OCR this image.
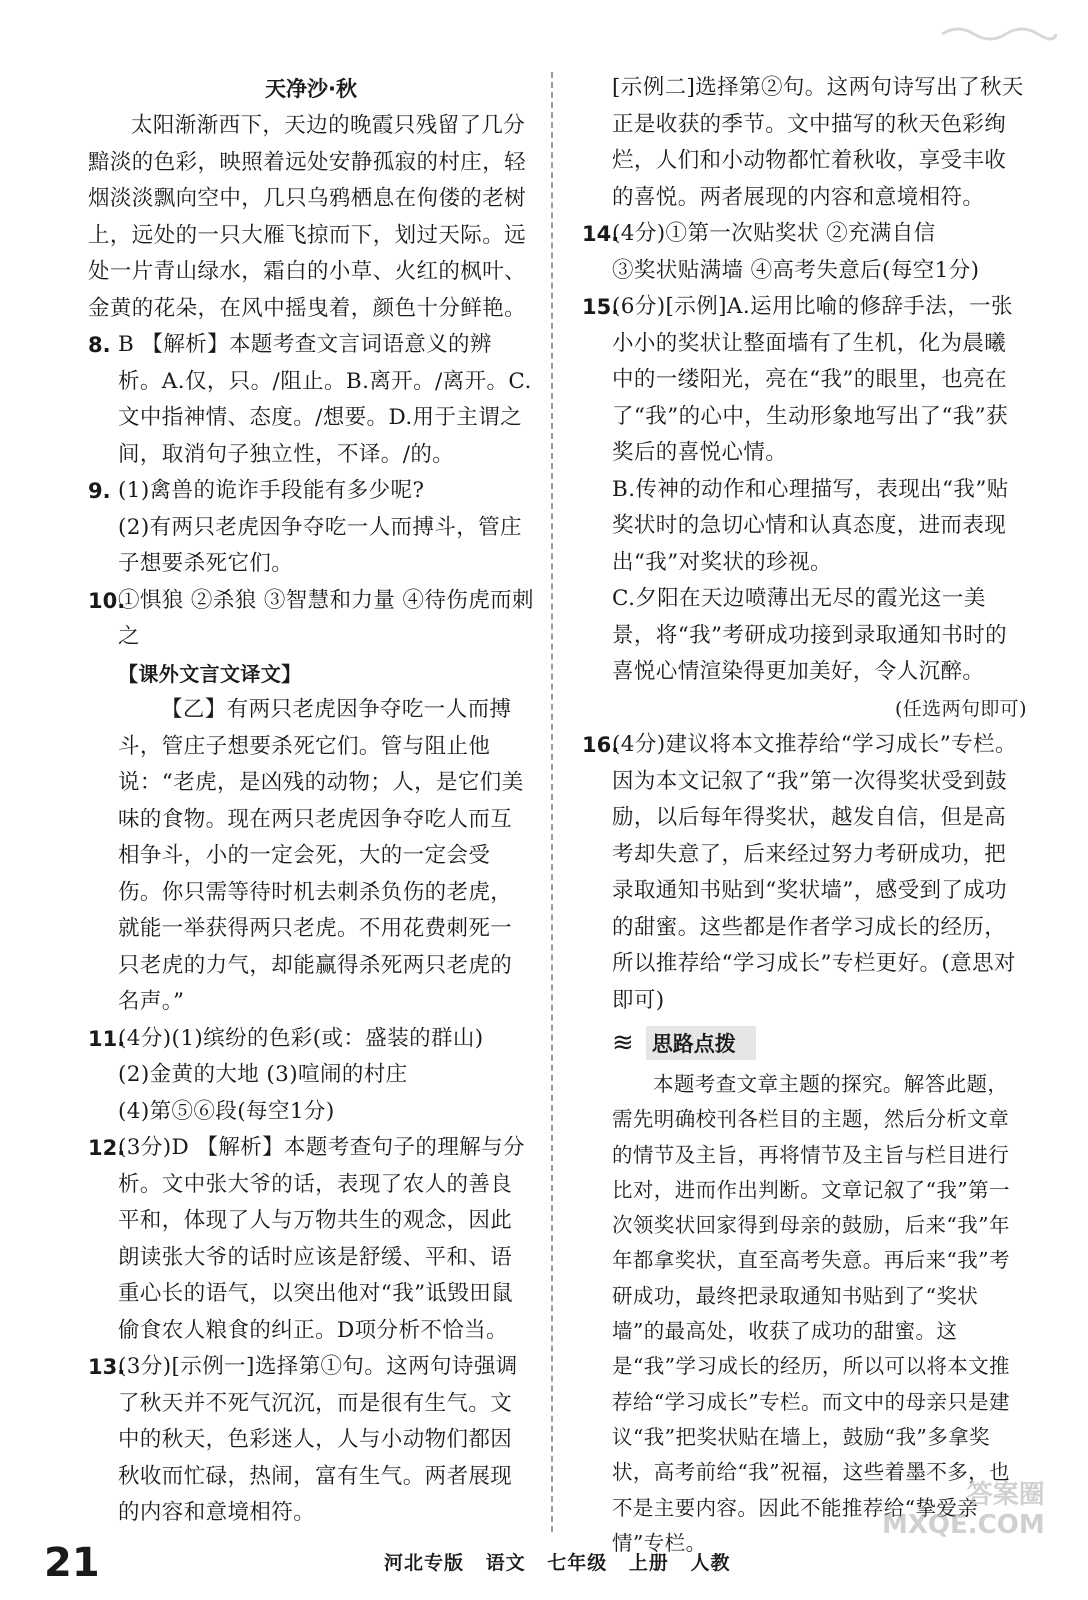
天净沙·秋

太阳渐渐西下，天边的晚霞只残留了几分黯淡的色彩，映照着远处安静孤寂的村庄，轻烟淡淡飘向空中，几只乌鸦栖息在佝偻的老树上，远处的一只大雁飞掠而下，划过天际。远处一片青山绿水，霜白的小草、火红的枫叶、金黄的花朵，在风中摇曳着，颜色十分鲜艳。

8. B 【解析】本题考查文言词语意义的辨析。A.仅，只。/阻止。B.离开。/离开。C.文中指神情、态度。/想要。D.用于主谓之间，取消句子独立性，不译。/的。

9. (1)禽兽的诡诈手段能有多少呢?

(2)有两只老虎因争夺吃一人而搏斗，管庄子想要杀死它们。

10.

①惧狼 ②杀狼 ③智慧和力量 ④待伤虎而刺之

【课外文言文译文】

【乙】有两只老虎因争夺吃一人而搏斗，管庄子想要杀死它们。管与阻止他说：“老虎，是凶残的动物；人，是它们美味的食物。现在两只老虎因争夺吃人而互相争斗，小的一定会死，大的一定会受伤。你只需等待时机去刺杀负伤的老虎，就能一举获得两只老虎。不用花费刺死一只老虎的力气，却能赢得杀死两只老虎的名声。”

11.

(4分)(1)缤纷的色彩(或：盛装的群山)

(2)金黄的大地 (3)喧闹的村庄

(4)第⑤⑥段(每空1分)

12.

(3分)D 【解析】本题考查句子的理解与分析。文中张大爷的话，表现了农人的善良平和，体现了人与万物共生的观念，因此朗读张大爷的话时应该是舒缓、平和、语重心长的语气，以突出他对“我”诋毁田鼠偷食农人粮食的纠正。D项分析不恰当。

13.

(3分)[示例一]选择第①句。这两句诗强调了秋天并不死气沉沉，而是很有生气。文中的秋天，色彩迷人，人与小动物们都因秋收而忙碌，热闹，富有生气。两者展现的内容和意境相符。

[示例二]选择第②句。这两句诗写出了秋天正是收获的季节。文中描写的秋天色彩绚烂，人们和小动物都忙着秋收，享受丰收的喜悦。两者展现的内容和意境相符。

14.

(4分)①第一次贴奖状 ②充满自信

③奖状贴满墙 ④高考失意后(每空1分)

15.

(6分)[示例]A.运用比喻的修辞手法，一张小小的奖状让整面墙有了生机，化为晨曦中的一缕阳光，亮在“我”的眼里，也亮在了“我”的心中，生动形象地写出了“我”获奖后的喜悦心情。

B.传神的动作和心理描写，表现出“我”贴奖状时的急切心情和认真态度，进而表现出“我”对奖状的珍视。

C.夕阳在天边喷薄出无尽的霞光这一美景，将“我”考研成功接到录取通知书时的喜悦心情渲染得更加美好，令人沉醉。

(任选两句即可)

16.

(4分)建议将本文推荐给“学习成长”专栏。因为本文记叙了“我”第一次得奖状受到鼓励，以后每年得奖状，越发自信，但是高考却失意了，后来经过努力考研成功，把录取通知书贴到“奖状墙”，感受到了成功的甜蜜。这些都是作者学习成长的经历，所以推荐给“学习成长”专栏更好。(意思对即可)

≋ 思路点拨

本题考查文章主题的探究。解答此题，需先明确校刊各栏目的主题，然后分析文章的情节及主旨，再将情节及主旨与栏目进行比对，进而作出判断。文章记叙了“我”第一次领奖状回家得到母亲的鼓励，后来“我”年年都拿奖状，直至高考失意。再后来“我”考研成功，最终把录取通知书贴到了“奖状墙”的最高处，收获了成功的甜蜜。这是“我”学习成长的经历，所以可以将本文推荐给“学习成长”专栏。而文中的母亲只是建议“我”把奖状贴在墙上，鼓励“我”多拿奖状，高考前给“我”祝福，这些着墨不多，也不是主要内容。因此不能推荐给“挚爱亲情”专栏。

答案圈
MXQE.COM
21	河北专版 语文 七年级 上册 人教
